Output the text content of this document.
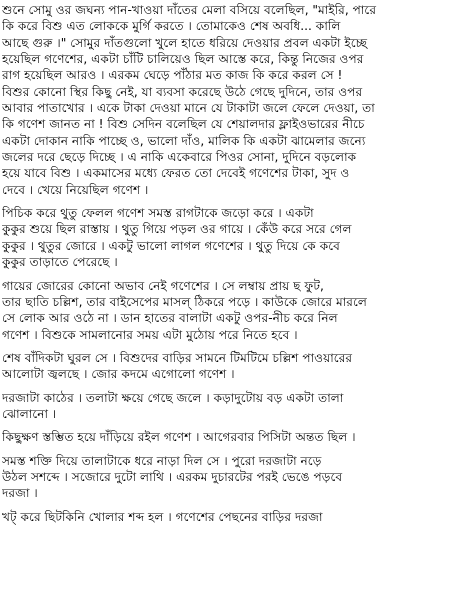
শুনে সোমু ওর জঘন্য পান-খাওয়া দাঁতের মেলা বসিয়ে বলেছিল, "মাইরি, পারে
কি করে বিশু এত লোককে মুর্গি করতে । তোমাকেও শেষ অবধি... কালি
আছে গুরু ।" সোমুর দাঁতগুলো খুলে হাতে ধরিয়ে দেওয়ার প্রবল একটা ইচ্ছে
হয়েছিল গণেশের, একটা চাঁটি চালিয়েও ছিল আস্তে করে, কিন্তু নিজের ওপর
রাগ হয়েছিল আরও । এরকম ঘেড়ে পাঁঠার মত কাজ কি করে করল সে !
বিশুর কোনো স্থির কিছু নেই, যা ব্যবসা করেছে উঠে গেছে দুদিনে, তার ওপর
আবার পাতাখোর । একে টাকা দেওয়া মানে যে টাকাটা জলে ফেলে দেওয়া, তা
কি গণেশ জানত না ! বিশু সেদিন বলেছিল যে শেয়ালদার ফ্লাইওভারের নীচে
একটা দোকান নাকি পাচ্ছে ও, ভালো দাঁও, মালিক কি একটা ঝামেলার জন্যে
জলের দরে ছেড়ে দিচ্ছে । এ নাকি একেবারে পিওর সোনা, দুদিনে বড়লোক
হয়ে যাবে বিশু । একমাসের মধ্যে ফেরত তো দেবেই গণেশের টাকা, সুদ ও
দেবে । খেয়ে নিয়েছিল গণেশ ।
পিচিক করে থুতু ফেলল গণেশ সমস্ত রাগটাকে জড়ো করে । একটা
কুকুর শুয়ে ছিল রাস্তায় । থুতু গিয়ে পড়ল ওর গায়ে । কেঁউ করে সরে গেল
কুকুর । থুতুর জোরে । একটু ভালো লাগল গণেশের । থুতু দিয়ে কে কবে
কুকুর তাড়াতে পেরেছে ।
গায়ের জোরের কোনো অভাব নেই গণেশের । সে লম্বায় প্রায় ছ ফুট,
তার ছাতি চল্লিশ, তার বাইসেপের মাসল্ ঠিকরে পড়ে । কাউকে জোরে মারলে
সে লোক আর ওঠে না । ডান হাতের বালাটা একটু ওপর-নীচ করে নিল
গণেশ । বিশুকে সামলানোর সময় এটা মুঠোয় পরে নিতে হবে ।
শেষ বাঁদিকটা ঘুরল সে । বিশুদের বাড়ির সামনে টিমটিমে চল্লিশ পাওয়ারের
আলোটা জ্বলছে । জোর কদমে এগোলো গণেশ ।
দরজাটা কাঠের । তলাটা ক্ষয়ে গেছে জলে । কড়াদুটোয় বড় একটা তালা
ঝোলানো ।
কিছুক্ষণ স্তম্ভিত হয়ে দাঁড়িয়ে রইল গণেশ । আগেরবার পিসিটা অন্তত ছিল ।
সমস্ত শক্তি দিয়ে তালাটাকে ধরে নাড়া দিল সে । পুরো দরজাটা নড়ে
উঠল সশব্দে । সজোরে দুটো লাথি । এরকম দুচারটের পরই ভেঙে পড়বে
দরজা ।
খট্ করে ছিটকিনি খোলার শব্দ হল । গণেশের পেছনের বাড়ির দরজা
